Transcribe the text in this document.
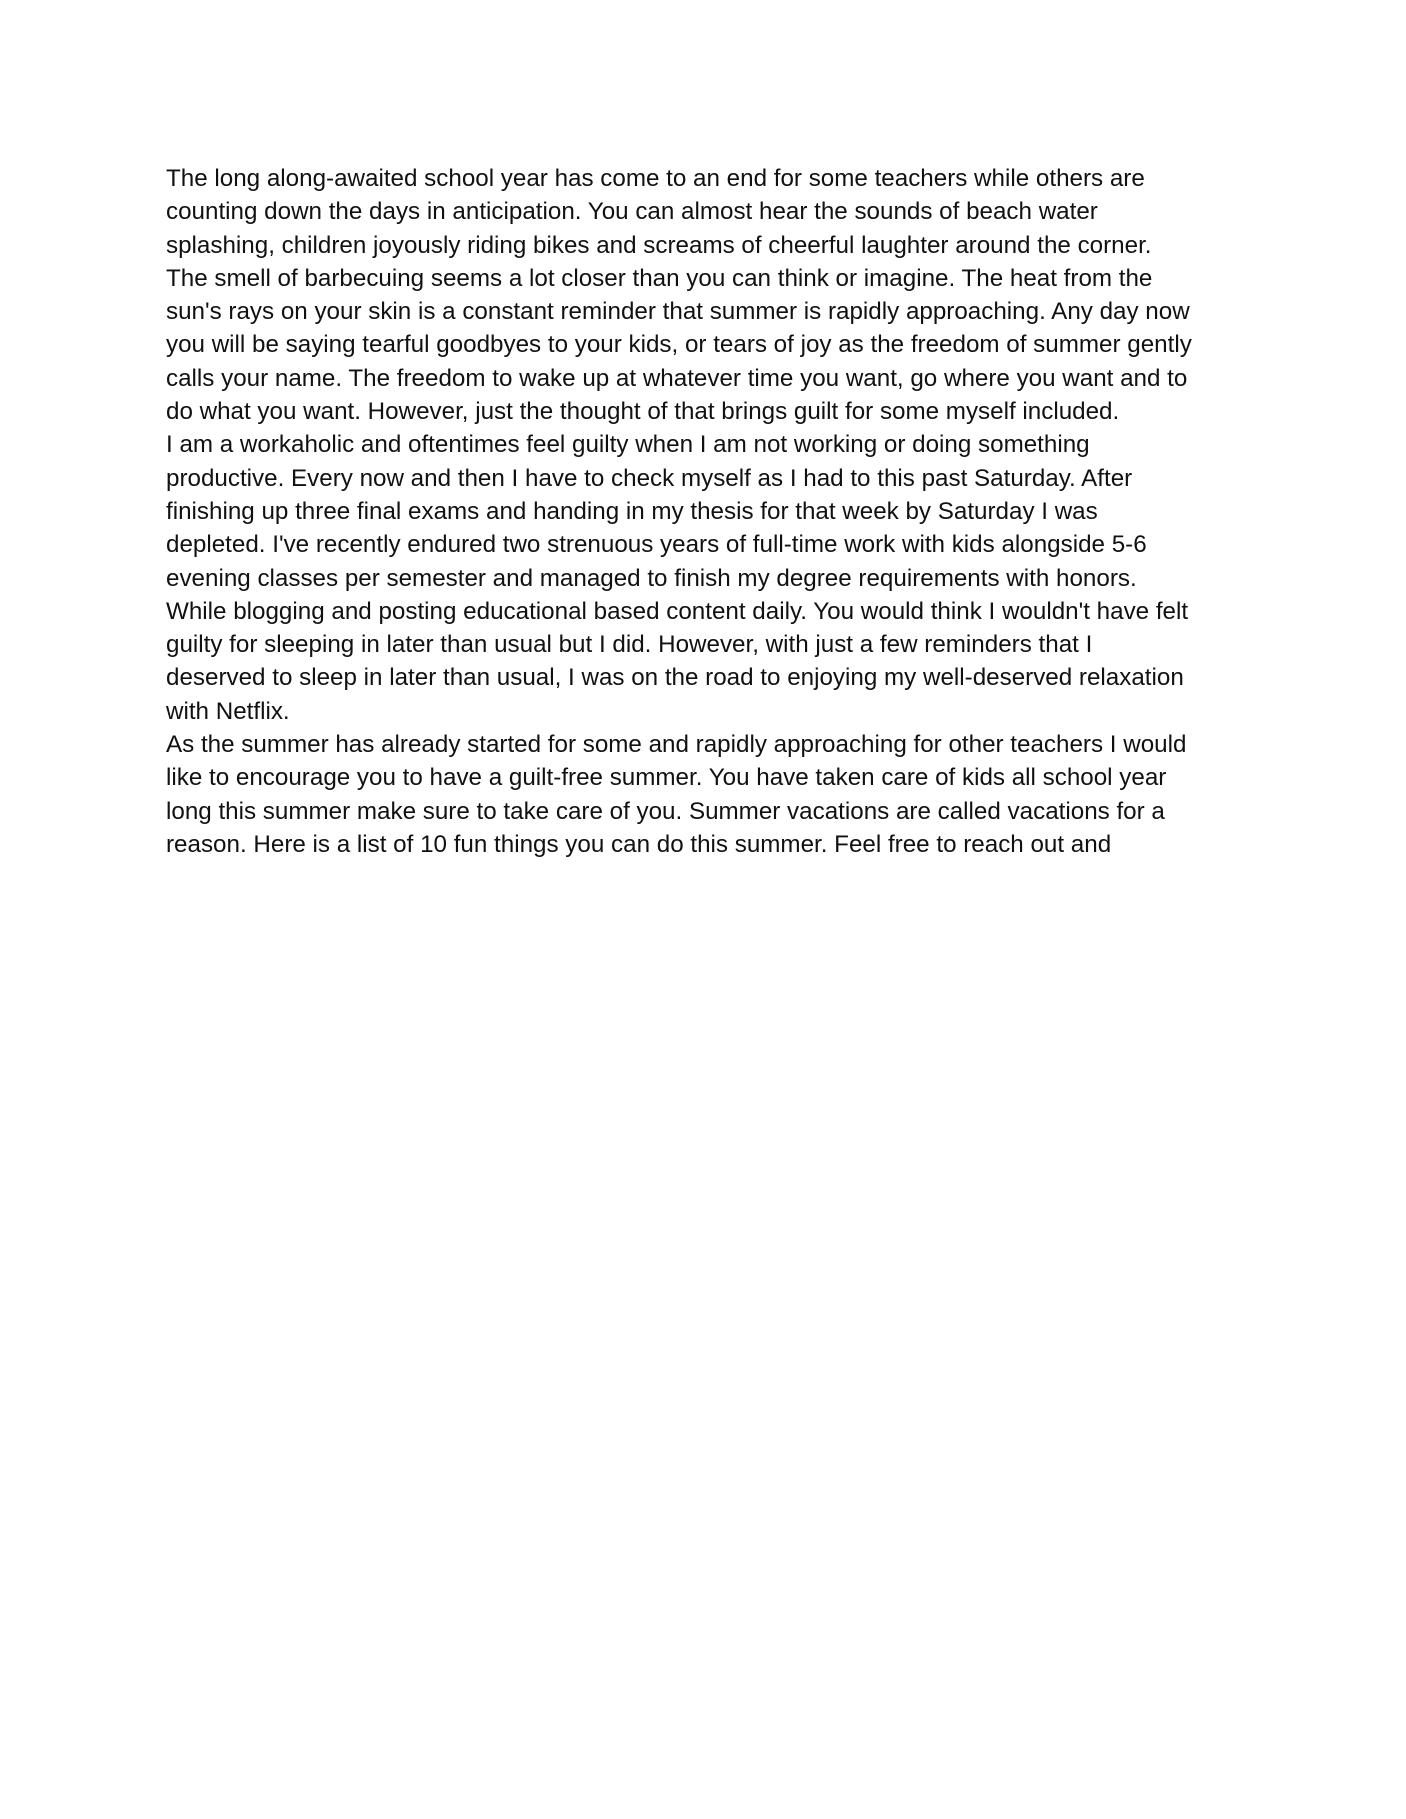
The long along-awaited school year has come to an end for some teachers while others are
counting down the days in anticipation. You can almost hear the sounds of beach water
splashing, children joyously riding bikes and screams of cheerful laughter around the corner.
The smell of barbecuing seems a lot closer than you can think or imagine. The heat from the
sun's rays on your skin is a constant reminder that summer is rapidly approaching. Any day now
you will be saying tearful goodbyes to your kids, or tears of joy as the freedom of summer gently
calls your name. The freedom to wake up at whatever time you want, go where you want and to
do what you want. However, just the thought of that brings guilt for some myself included.
I am a workaholic and oftentimes feel guilty when I am not working or doing something
productive. Every now and then I have to check myself as I had to this past Saturday. After
finishing up three final exams and handing in my thesis for that week by Saturday I was
depleted. I've recently endured two strenuous years of full-time work with kids alongside 5-6
evening classes per semester and managed to finish my degree requirements with honors.
While blogging and posting educational based content daily. You would think I wouldn't have felt
guilty for sleeping in later than usual but I did. However, with just a few reminders that I
deserved to sleep in later than usual, I was on the road to enjoying my well-deserved relaxation
with Netflix.
As the summer has already started for some and rapidly approaching for other teachers I would
like to encourage you to have a guilt-free summer. You have taken care of kids all school year
long this summer make sure to take care of you. Summer vacations are called vacations for a
reason. Here is a list of 10 fun things you can do this summer. Feel free to reach out and
